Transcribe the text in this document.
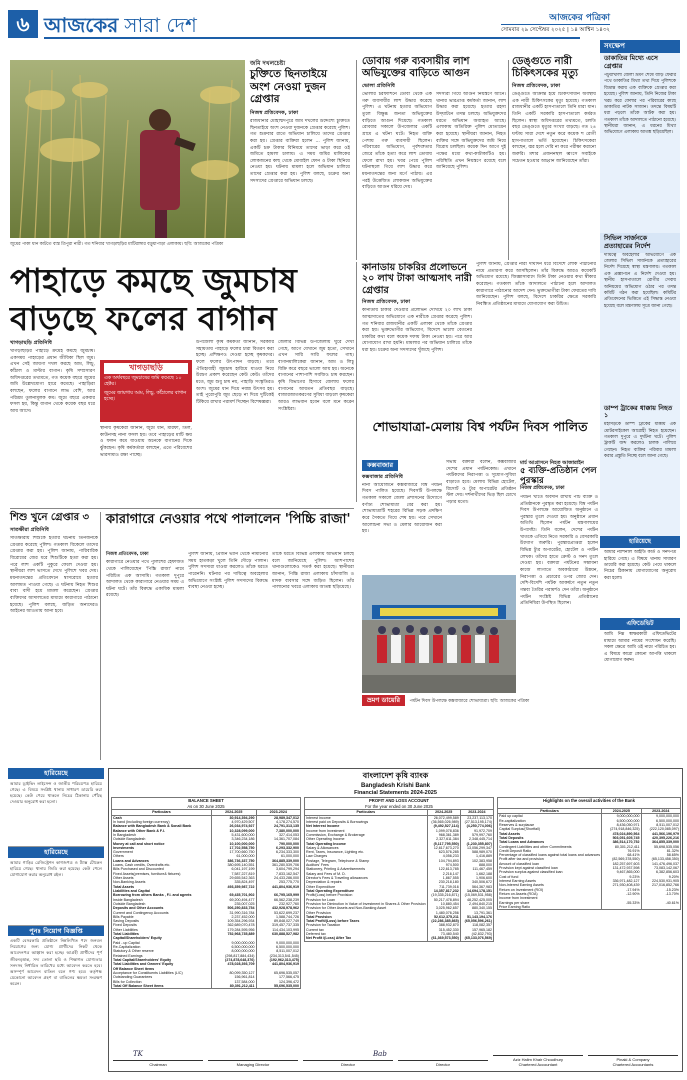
৬ আজকের সারা দেশ	আজকের পত্রিকা
সোমবার ২৯ সেপ্টেম্বর ২০২৫ | ১৪ আশ্বিন ১৪৩২
জুমের পাকা ধান কাটতে ব্যস্ত ত্রিপুরা নারী। গত শনিবার খাগড়াছড়ির মাটিরাঙ্গার বড়ুয়াপাড়া এলাকায়। ছবি: আজকের পত্রিকা
জমি দখলচেষ্টা
চুক্তিতে ছিনতাইয়ে অংশ নেওয়া দুজন গ্রেপ্তার
নিজস্ব প্রতিবেদক, ঢাকা
রাজধানীর মোহাম্মদপুরে জমি দখলের উদ্দেশ্যে চুক্তিতে ছিনতাইয়ে অংশ নেওয়া দুজনকে গ্রেপ্তার করেছে পুলিশ। গত শুক্রবার রাতে অভিযান চালিয়ে তাদের গ্রেপ্তার করা হয়। গ্রেপ্তার ব্যক্তিরা হলেন ... পুলিশ জানায়, একটি চক্র টাকার বিনিময়ে তাদের ভাড়া করে ওই জমিতে হামলা চালায়। এ সময় জমির মালিকের লোকজনের কাছ থেকে মোবাইল ফোন ও টাকা ছিনিয়ে নেওয়া হয়। ঘটনায় মামলা হলে অভিযান চালিয়ে তাদের গ্রেপ্তার করা হয়। পুলিশ বলছে, চক্রের অন্য সদস্যদের গ্রেপ্তারে অভিযান চলছে।
ডোবায় গরু ব্যবসায়ীর লাশ অভিযুক্তের বাড়িতে আগুন
ভোলা প্রতিনিধি
ভোলার চরফ্যাশনে ডোবা থেকে এক গরু ব্যবসায়ীর লাশ উদ্ধার করেছে পুলিশ। এ ঘটনায় হত্যার অভিযোগ তুলে বিক্ষুব্ধ জনতা অভিযুক্তের বাড়িতে আগুন দিয়েছে। গতকাল রোববার সকালে উপজেলার একটি গ্রামে এ ঘটনা ঘটে। নিহত ব্যক্তি পেশায় গরু ব্যবসায়ী ছিলেন। পরিবারের অভিযোগ, পূর্বশত্রুতার জেরে তাঁকে হত্যা করে লাশ ডোবায় ফেলে রাখা হয়। খবর পেয়ে পুলিশ ঘটনাস্থলে গিয়ে লাশ উদ্ধার করে ময়নাতদন্তের জন্য মর্গে পাঠায়। এর পরই উত্তেজিত লোকজন অভিযুক্তের বাড়িতে আগুন ধরিয়ে দেয়।
সদস্যরা গিয়ে আগুন নিয়ন্ত্রণে আনে। থানার ভারপ্রাপ্ত কর্মকর্তা জানান, লাশ উদ্ধার করা হয়েছে। হত্যার রহস্য উদ্‌ঘাটনে তদন্ত চলছে। অভিযুক্তদের ধরতে অভিযান অব্যাহত আছে। এলাকায় অতিরিক্ত পুলিশ মোতায়েন করা হয়েছে। স্থানীয়রা জানান, নিহত ব্যক্তির সঙ্গে অভিযুক্তদের জমি নিয়ে বিরোধ চলছিল। কয়েক দিন আগে দুই পক্ষের মধ্যে কথা-কাটাকাটিও হয়। পরিস্থিতি এখন নিয়ন্ত্রণে রয়েছে বলে জানিয়েছে পুলিশ।
ডেঙ্গুতে নারী চিকিৎসকের মৃত্যু
নিজস্ব প্রতিবেদক, ঢাকা
ডেঙ্গুতে আক্রান্ত হয়ে চিকিৎসাধীন অবস্থায় এক নারী চিকিৎসকের মৃত্যু হয়েছে। গতকাল রাজধানীর একটি হাসপাতালে তিনি মারা যান। তিনি একটি সরকারি হাসপাতালে কর্মরত ছিলেন। স্বাস্থ্য অধিদপ্তরের তথ্যমতে, চলতি বছর ডেঙ্গুতে মৃত্যুর সংখ্যা বাড়ছে। গত ২৪ ঘণ্টায় সারা দেশে নতুন করে কয়েক শ রোগী হাসপাতালে ভর্তি হয়েছেন। চিকিৎসকেরা বলছেন, জ্বর হলে দেরি না করে পরীক্ষা করানো জরুরি। মশার প্রজননস্থল ধ্বংসে সবাইকে সচেতন হওয়ার আহ্বান জানিয়েছেন তাঁরা।
সংক্ষেপ
ডাকাতির মিথ্যে এসে গ্রেপ্তার
পটুয়াখালী জেলা ভ্রমণ শেষে বাড়ি ফেরার পথে ডাকাতির মিথ্যা তথ্য দিয়ে পুলিশকে বিভ্রান্ত করায় এক ব্যক্তিকে গ্রেপ্তার করা হয়েছে। পুলিশ জানায়, তিনি নিজের টাকা খরচ করে ফেলার পর পরিবারের কাছে ডাকাতির নাটক সাজান। তদন্তে বিষয়টি ধরা পড়লে তাঁকে আটক করা হয়। গতকাল তাঁকে আদালতে পাঠানো হয়েছে। স্থানীয়রা জানান, এ ধরনের মিথ্যা অভিযোগে এলাকায় আতঙ্ক ছড়িয়েছিল।
সিভিল সার্জনকে প্রত্যাহারের নির্দেশ
দায়িত্বে অবহেলার অভিযোগে এক জেলার সিভিল সার্জনকে প্রত্যাহারের নির্দেশ দিয়েছে স্বাস্থ্য মন্ত্রণালয়। গতকাল এক প্রজ্ঞাপনে এ নির্দেশ দেওয়া হয়। স্থানীয় হাসপাতালে রোগীর সেবায় অনিয়মের অভিযোগ ওঠার পর তদন্ত কমিটি গঠন করা হয়েছিল। কমিটির প্রতিবেদনের ভিত্তিতে এই সিদ্ধান্ত নেওয়া হয়েছে বলে মন্ত্রণালয় সূত্রে জানা গেছে।
ডাম্প ট্রাকের ধাক্কায় নিহত ১
মহাসড়কে ডাম্প ট্রাকের ধাক্কায় এক মোটরসাইকেল আরোহী নিহত হয়েছেন। গতকাল দুপুরে এ দুর্ঘটনা ঘটে। পুলিশ ট্রাকটি জব্দ করলেও চালক পালিয়ে গেছেন। নিহত ব্যক্তির পরিবার মামলা করার প্রস্তুতি নিচ্ছে বলে জানা গেছে।
হারিয়েছে
আমার ন্যাশনাল আইডি কার্ড ও সনদপত্র হারিয়ে গেছে। এ বিষয়ে থানায় সাধারণ ডায়েরি করা হয়েছে। কেউ পেয়ে থাকলে নিচের ঠিকানায় যোগাযোগের অনুরোধ করা হলো।
এফিডেভিট
আমি নিম্ন স্বাক্ষরকারী এফিডেভিটের মাধ্যমে আমার নামের সংশোধন করেছি। সকল ক্ষেত্রে আমি ওই নামে পরিচিত হব। এ বিষয়ে কারো কোনো আপত্তি থাকলে যোগাযোগ করুন।
পাহাড়ে কমছে জুমচাষ বাড়ছে ফলের বাগান
খাগড়াছড়ি প্রতিনিধি
খাগড়াছড়ির পাহাড়ে ক্রমেই কমছে জুমচাষ। একসময় পাহাড়ের প্রধান জীবিকা ছিল জুম। এখন সেই জায়গা দখল করছে আম, লিচু, কাঁঠাল ও মাল্টার বাগান। কৃষি সম্প্রসারণ অধিদপ্তরের তথ্যমতে, গত কয়েক বছরে জুমের জমি উল্লেখযোগ্য হারে কমেছে। পাহাড়িরা বলছেন, ফলের বাগানে লাভ বেশি, আর পরিশ্রম তুলনামূলক কম। জুমে বছরে একবার ফসল হয়, কিন্তু বাগান থেকে কয়েক বছর ধরে আয় আসে।
খাগড়াছড়ি
এক অর্থবছরে জুমচাষের জমি কমেছে ১০ হেক্টর।
জুমের জায়গায় আম, লিচু, কাঁঠালের বাগান হচ্ছে।
স্থানীয় কৃষকেরা জানান, জুমে ধান, মারফা, তিল, কাউনসহ নানা ফসল হয়। তবে পাহাড়ের মাটি ক্ষয় ও ফলন কমে যাওয়ায় অনেকে বাগানের দিকে ঝুঁকছেন। কৃষি কর্মকর্তারা বলছেন, এতে পরিবেশের ভারসাম্যও রক্ষা পাচ্ছে।
উপজেলা কৃষি কর্মকর্তা জানান, সরকারি সহায়তায় পাহাড়ে ফলের চারা বিতরণ করা হচ্ছে। প্রশিক্ষণও দেওয়া হচ্ছে কৃষকদের। ফলে ফলের উৎপাদন বাড়ছে। তবে ঐতিহ্যবাহী জুমচাষ হারিয়ে যাওয়া নিয়ে উদ্বেগ প্রকাশ করেছেন কেউ কেউ। তাঁদের মতে, জুম শুধু চাষ নয়, পাহাড়ি সংস্কৃতিরও অংশ। জুমের ধান দিয়ে নবান্ন উৎসব হয়। তাই পুরোপুরি জুম ছেড়ে না দিয়ে দুটিকেই টিকিয়ে রাখার পরামর্শ দিচ্ছেন বিশেষজ্ঞরা।
জেলার বিভিন্ন উপজেলায় ঘুরে দেখা গেছে, আগে যেখানে জুম হতো, সেখানে এখন সারি সারি ফলের গাছ। বাগানমালিকেরা জানান, আম ও লিচু বিক্রি করে বছরে ভালো আয় হয়। অনেকে বাগানের পাশাপাশি সবজিও চাষ করছেন। কৃষি বিভাগের হিসাবে জেলায় ফলের বাগানের আয়তন প্রতিবছর বাড়ছে। বাজারজাতকরণের সুবিধা বাড়লে কৃষকেরা আরও লাভবান হবেন বলে মনে করেন সংশ্লিষ্টরা।
কানাডায় চাকরির প্রলোভনে ২০ লাখ টাকা আত্মসাৎ নারী গ্রেপ্তার
নিজস্ব প্রতিবেদক, ঢাকা
কানাডায় চাকরি দেওয়ার প্রলোভন দেখিয়ে ২০ লাখ টাকা আত্মসাতের অভিযোগে এক নারীকে গ্রেপ্তার করেছে পুলিশ। গত শনিবার রাজধানীর একটি এলাকা থেকে তাঁকে গ্রেপ্তার করা হয়। ভুক্তভোগীর অভিযোগ, বিদেশে ভালো বেতনের চাকরির কথা বলে কয়েক দফায় টাকা নেওয়া হয়। পরে আর যোগাযোগ রাখা হয়নি। মামলার পর অভিযান চালিয়ে তাঁকে ধরা হয়। চক্রের অন্য সদস্যদের খুঁজছে পুলিশ।
পুলিশ জানায়, গ্রেপ্তার নারী দীর্ঘদিন ধরে বিদেশে লোক পাঠানোর নামে প্রতারণা করে আসছিলেন। তাঁর বিরুদ্ধে আরও কয়েকটি অভিযোগ রয়েছে। জিজ্ঞাসাবাদে তিনি টাকা নেওয়ার কথা স্বীকার করেছেন। গতকাল তাঁকে আদালতে পাঠানো হলে আদালত কারাগারে পাঠানোর আদেশ দেন। ভুক্তভোগীরা টাকা ফেরতের দাবি জানিয়েছেন। পুলিশ বলছে, বিদেশে চাকরির ক্ষেত্রে সরকারি নিবন্ধিত প্রতিষ্ঠানের মাধ্যমে যোগাযোগ করা উচিত।
শোভাযাত্রা-মেলায় বিশ্ব পর্যটন দিবস পালিত
কক্সবাজার
কক্সবাজার প্রতিনিধি
নানা আয়োজনে কক্সবাজারে বিশ্ব পর্যটন দিবস পালিত হয়েছে। দিবসটি উপলক্ষে গতকাল সকালে জেলা প্রশাসনের উদ্যোগে বর্ণাঢ্য শোভাযাত্রা বের করা হয়। শোভাযাত্রাটি শহরের বিভিন্ন সড়ক প্রদক্ষিণ করে সৈকতে গিয়ে শেষ হয়। পরে সেখানে আলোচনা সভা ও মেলার আয়োজন করা হয়।
সভায় বক্তারা বলেন, কক্সবাজার দেশের প্রধান পর্যটনকেন্দ্র। এখানে পর্যটকদের নিরাপত্তা ও সুযোগ-সুবিধা বাড়াতে হবে। মেলায় বিভিন্ন হোটেল, রিসোর্ট ও ট্যুর অপারেটর প্রতিষ্ঠান স্টল দেয়। দর্শনার্থীদের ভিড় ছিল চোখে পড়ার মতো।
মার্চ আগ্রাসনে নিহত আজারাইন
৫ ব্যক্তি-প্রতিষ্ঠান পেল পুরস্কার
নিজস্ব প্রতিবেদক, ঢাকা
পর্যটন খাতে অবদান রাখায় পাঁচ ব্যক্তি ও প্রতিষ্ঠানকে পুরস্কৃত করা হয়েছে। বিশ্ব পর্যটন দিবস উপলক্ষে আয়োজিত অনুষ্ঠানে এ পুরস্কার তুলে দেওয়া হয়। অনুষ্ঠানে প্রধান অতিথি ছিলেন পর্যটন মন্ত্রণালয়ের উপদেষ্টা। তিনি বলেন, দেশের পর্যটন খাতকে এগিয়ে নিতে সরকারি ও বেসরকারি উদ্যোগ জরুরি। পুরস্কারপ্রাপ্তরা হলেন বিভিন্ন ট্যুর অপারেটর, হোটেল ও পর্যটন লেখক। তাঁদের হাতে ক্রেস্ট ও সনদ তুলে দেওয়া হয়। বক্তারা পর্যটনের সম্ভাবনা কাজে লাগাতে অবকাঠামো উন্নয়ন, নিরাপত্তা ও প্রচারের ওপর জোর দেন। দেশি-বিদেশি পর্যটক আকর্ষণে নতুন নতুন গন্তব্য তৈরির পরামর্শও দেন তাঁরা। অনুষ্ঠানে পর্যটন সংশ্লিষ্ট বিভিন্ন প্রতিষ্ঠানের প্রতিনিধিরা উপস্থিত ছিলেন।
ভ্রমণ ডায়েরি পর্যটন দিবস উপলক্ষে কক্সবাজারে শোভাযাত্রা। ছবি: আজকের পত্রিকা
শিশু খুনে গ্রেপ্তার ৩
সাতক্ষীরা প্রতিনিধি
সাতক্ষীরায় শিশুকে হত্যার ঘটনায় তিনজনকে গ্রেপ্তার করেছে পুলিশ। গতকাল বিকেলে তাদের গ্রেপ্তার করা হয়। পুলিশ জানায়, পারিবারিক বিরোধের জের ধরে শিশুটিকে হত্যা করা হয়। পরে লাশ একটি পুকুরে ফেলে দেওয়া হয়। স্থানীয়রা লাশ ভাসতে দেখে পুলিশে খবর দেয়। ময়নাতদন্তের প্রতিবেদনে শ্বাসরোধে হত্যার আলামত পাওয়া গেছে। এ ঘটনায় নিহত শিশুর বাবা বাদী হয়ে মামলা করেছেন। গ্রেপ্তার ব্যক্তিদের আদালতের মাধ্যমে কারাগারে পাঠানো হয়েছে। পুলিশ বলছে, জড়িত অন্যদেরও আইনের আওতায় আনা হবে।
কারাগারে নেওয়ার পথে পালালেন 'পিচ্চি রাজা'
নিজস্ব প্রতিবেদক, ঢাকা
কারাগারে নেওয়ার পথে পুলিশের হেফাজত থেকে পালিয়েছেন 'পিচ্চি রাজা' নামে পরিচিত এক আসামি। গতকাল দুপুরে আদালত থেকে কারাগারে নেওয়ার সময় এ ঘটনা ঘটে। তাঁর বিরুদ্ধে একাধিক মামলা রয়েছে।
পুলিশ জানায়, প্রিজন ভ্যান থেকে নামানোর সময় হাতকড়া খুলে তিনি দৌড়ে পালান। পুলিশ সদস্যরা ধাওয়া করলেও তাঁকে ধরতে পারেননি। ঘটনার পর দায়িত্বে অবহেলার অভিযোগে সংশ্লিষ্ট পুলিশ সদস্যদের বিরুদ্ধে ব্যবস্থা নেওয়া হচ্ছে।
তাঁকে ধরতে বিভিন্ন এলাকায় অভিযান চলছে বলে জানিয়েছে পুলিশ। আশপাশের থানাগুলোকেও সতর্ক করা হয়েছে। স্থানীয়রা জানান, পিচ্চি রাজা এলাকায় চাঁদাবাজি ও মাদক ব্যবসার সঙ্গে জড়িত ছিলেন। তাঁর পালানোর খবরে এলাকায় আতঙ্ক ছড়িয়েছে।
হারিয়েছে
আমার ড্রাইভিং লাইসেন্স ও জাতীয় পরিচয়পত্র হারিয়ে গেছে। এ বিষয়ে সংশ্লিষ্ট থানায় সাধারণ ডায়েরি করা হয়েছে। কেউ পেয়ে থাকলে নিচের ঠিকানায় পৌঁছে দেওয়ার অনুরোধ করা হলো।
হারিয়েছে
আমার গাড়ির রেজিস্ট্রেশন কাগজপত্র ও ট্যাক্স টোকেন হারিয়ে গেছে। থানায় জিডি করা হয়েছে। কেউ পেলে যোগাযোগ করার অনুরোধ রইল।
পুনঃ নিয়োগ বিজ্ঞপ্তি
একটি বেসরকারি প্রতিষ্ঠানে নিম্নলিখিত পদে জনবল নিয়োগের জন্য যোগ্য প্রার্থীদের নিকট থেকে আবেদনপত্র আহ্বান করা হচ্ছে। আগ্রহী প্রার্থীদের পূর্ণ জীবনবৃত্তান্ত, সদ্য তোলা ছবি ও শিক্ষাগত যোগ্যতার সনদসহ নির্ধারিত তারিখের মধ্যে আবেদন করতে হবে। অসম্পূর্ণ আবেদন বাতিল বলে গণ্য হবে। কর্তৃপক্ষ যেকোনো আবেদন গ্রহণ বা বাতিলের ক্ষমতা সংরক্ষণ করেন।
বাংলাদেশ কৃষি ব্যাংক
Bangladesh Krishi Bank
Financial Statements 2024-2025
BALANCE SHEET
As on 30 June 2025
Particulars	2024-2025	2023-2024
Cash	30,914,394,290	28,989,347,012
In hand (Including foreign currency)	4,970,429,507	4,178,274,570
Balance with Bangladesh Bank & Sonali Bank	26,034,974,927	24,791,313,135
Balance with Other Bank & F.I.	10,328,099,000	7,380,000,000
In Bangladesh	5,431,600,000	327,414,053
Outside Bangladesh	3,346,234,186	14,361,707,084
Money at call and short notice	10,100,000,000	790,000,000
Investments	17,702,558,750	6,293,332,900
Government	17,700,660,750	6,234,333,300
Others	61,000,000	61,000,000
Loans and Advances	386,736,337,750	364,885,339,000
Loans, Cash credits, Overdrafts etc.	380,695,140,551	361,280,539,706
Bills Purchased and Discounted	6,041,197,199	3,604,799,294
Fixed Assets(premises, furniture& fixtures)	7,587,227,819	7,833,162,547
Other Assets	29,655,542,363	24,433,286,000
Non-Banking Assets	335,824,497	253,775,770
Total Assets	493,359,987,722	441,804,936,919
Liabilities and Capital		
Borrowing from others Banks , F.I. and agents	69,435,701,902	66,795,165,999
Inside Bangladesh	69,200,494,477	66,562,238,239
Outside Bangladesh	235,007,025	232,927,760
Deposits and Other Accounts	506,250,833,754	432,928,978,962
Current and Contingency Accounts	31,990,316,784	53,622,699,237
Bills Payable	2,237,452,000	1,588,744,726
Saving Deposits	109,354,296,934	89,848,027,749
Fixed Deposits	362,689,070,478	319,457,737,335
Other Liabilities	179,284,595,956	114,434,103,995
Total Liabilities	752,968,735,889	630,888,527,982
Capital/Shareholders' Equity		
Paid - up Capital	9,000,000,000	9,000,000,000
Re-Capitalization	6,500,000,000	6,500,000,000
Statutory & Other reserve	8,000,000,000	8,511,007,012
Retained Earnings	(298,817,884,434)	(234,313,541,545)
Total Capital/Shareholders' Equity	(274,878,648,376)	(192,962,313,475)
Total Liabilities and Owners' Equity	478,028,393,709	441,804,936,919
Off Balance Sheet items		
Acceptance for Constituents Liabilities (L/C)	80,099,350,127	65,696,535,057
Outstanding Guarantees	156,961,814	177,566,475
Bills for Collection	137,584,000	124,396,472
Total Off Balance Sheet items	80,391,212,411	55,696,535,000
PROFIT AND LOSS ACCOUNT
For the year ended on 30 June 2025
Particulars	2024-2025	2023-2024
Interest Income	26,072,499,589	23,237,113,170
Interest paid on Deposits & Borrowings	(36,565,026,989)	(27,513,195,174)
Net Interest Income	(9,492,527,114)	(4,250,774,006)
Income from Investment	1,099,078,836	91,972,709
Commission, Exchange & Brokerage	968,361,389	579,997,760
Other Operating Income	2,327,611,384	2,348,445,714
Total Operating Income	(5,117,795,550)	(1,230,355,807)
Salary & Allowances	12,617,673,270	13,056,299,347
Rent, Taxes, Insurance, Lighting etc.	623,576,285	588,989,070
Law Charges	4,056,233	1,416,889
Postage, Telegram, Telephone & Stamp	104,794,893	102,383,958
Auditors' Fees	974,500	888,000
Stationery, Printing & Advertisements	122,613,785	111,467,459
Salary and Fees of M. D.	2,216,147	1,662,188
Director's Fees & Traveling allowances	1,867,555	1,906,600
Depreciation & repairs	230,218,180	340,506,672
Other Expenditure	711,739,016	564,367,983
Total Operating Expenditure	14,357,817,232	14,694,178,151
Profit/(Loss) before Provision	(19,335,216,871)	(15,069,531,958)
Provision for Loan	50,217,478,894	48,252,425,005
Provision for Diminution in Value of Investment in Shares & Other Provision	10,880,454	2,494,840,215
Provision for Other Assets and Non-Banking Asset	3,025,962,657	880,340,155
Other Provision	1,480,076,256	13,791,361
Total Provision	52,612,375,211	51,143,194,176
Total Profit/(Loss) before Taxes	(22,286,385,865)	(65,056,596,261)
Provision for Taxation	388,932,870	118,082,357
Current tax	315,452,330	157,965,182
Deferred tax	73,480,540	(42,832,793)
Net Profit /(Loss) After Tax	(61,369,573,550)	(65,133,076,569)
Highlights on the overall activities of the Bank
Particulars	2024-2025	2023-2024
Paid up capital	9,000,000,000	9,000,000,000
Re-capitalization	6,500,000,000	6,500,000,000
Reserves & surplause	8,436,050,971	8,511,007,012
Capital Surplus/(Shortfall)	(274,918,846,325)	(222,120,085,097)
Total Assets	478,024,890,564	441,566,196,979
Total Deposits	503,051,605,745	420,395,226,216
Total Loans and Advances	386,514,170,752	364,855,339,000
Contingent Liabilities and other Commitments	80,301,212,411	55,698,535,056
Credit Deposit Ratio	76.91%	81.32%
Percentage of classified loans against total loans and advances	68.41%	58.65%
Profit after tax and provision	(82,569,378,550)	(65,133,458,350)
Amount of classified loan	182,257,697,603	141,476,496,037
Provision kept against classified loan	131,472,937,598	73,083,142,067
Provision surplus against classified loan	9,467,865,000	6,382,856,603
Cost of fund	9.23%	9.20%
Interest Earning Assets	336,971,482,127	224,530,931,905
Non-Interest Earning Assets	271,930,408,439	217,016,852,766
Return on Investment (ROI)	-17.94%	-15.23%
Return on Assets (ROA)	-12.90%	-13.70%
Income from Investment		
Earnings per share	-55.33%	-40.61%
Price Earning Ratio		
TK	Bab
Chairman	Managing Director	Director	Director
Aziz Halim Khair Choudhury
Chartered Accountant
Pinaki & Company
Chartered Accountants
